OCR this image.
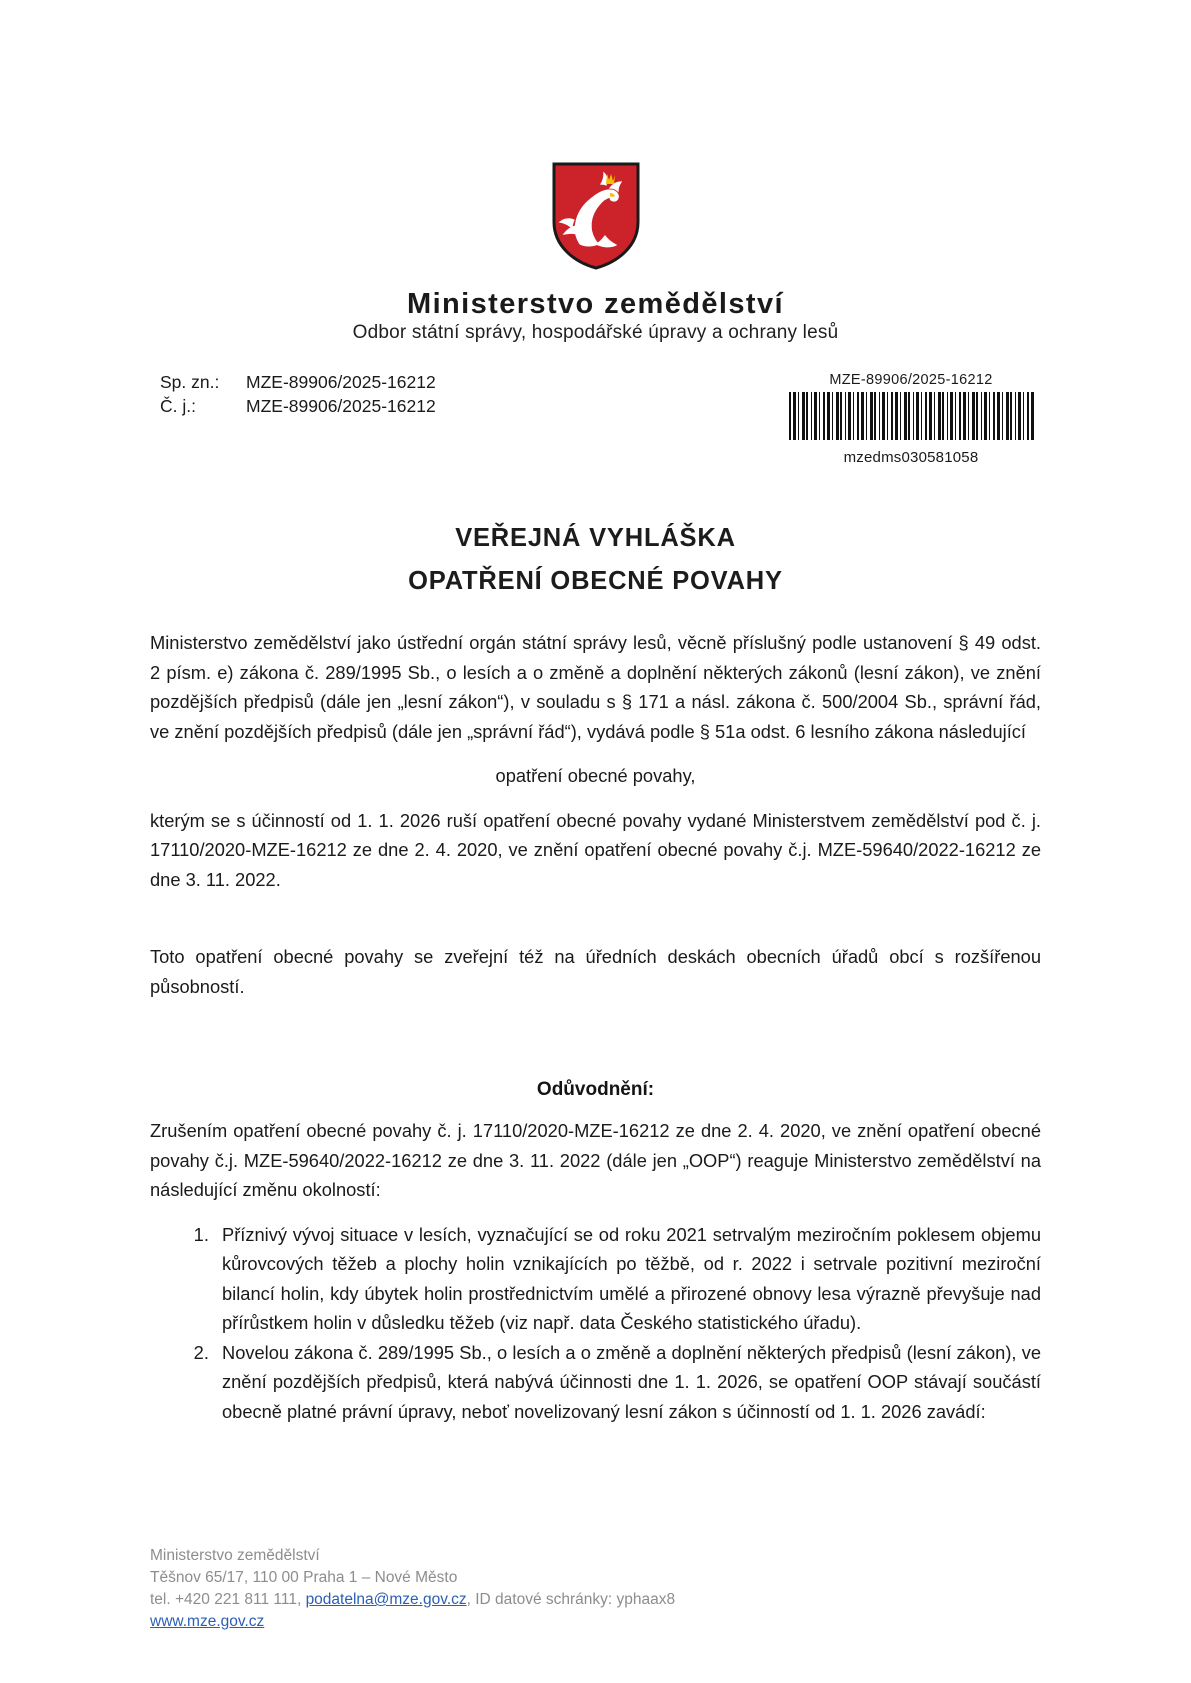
Ministerstvo zemědělství
Odbor státní správy, hospodářské úpravy a ochrany lesů
Sp. zn.:	MZE-89906/2025-16212
Č. j.:	MZE-89906/2025-16212
MZE-89906/2025-16212
mzedms030581058
VEŘEJNÁ VYHLÁŠKA
OPATŘENÍ OBECNÉ POVAHY

Ministerstvo zemědělství jako ústřední orgán státní správy lesů, věcně příslušný podle ustanovení § 49 odst. 2 písm. e) zákona č. 289/1995 Sb., o lesích a o změně a doplnění některých zákonů (lesní zákon), ve znění pozdějších předpisů (dále jen „lesní zákon“), v souladu s § 171 a násl. zákona č. 500/2004 Sb., správní řád, ve znění pozdějších předpisů (dále jen „správní řád“), vydává podle § 51a odst. 6 lesního zákona následující

opatření obecné povahy,

kterým se s účinností od 1. 1. 2026 ruší opatření obecné povahy vydané Ministerstvem zemědělství pod č. j. 17110/2020-MZE-16212 ze dne 2. 4. 2020, ve znění opatření obecné povahy č.j. MZE-59640/2022-16212 ze dne 3. 11. 2022.

Toto opatření obecné povahy se zveřejní též na úředních deskách obecních úřadů obcí s rozšířenou působností.

Odůvodnění:

Zrušením opatření obecné povahy č. j. 17110/2020-MZE-16212 ze dne 2. 4. 2020, ve znění opatření obecné povahy č.j. MZE-59640/2022-16212 ze dne 3. 11. 2022 (dále jen „OOP“) reaguje Ministerstvo zemědělství na následující změnu okolností:

1. Příznivý vývoj situace v lesích, vyznačující se od roku 2021 setrvalým meziročním poklesem objemu kůrovcových těžeb a plochy holin vznikajících po těžbě, od r. 2022 i setrvale pozitivní meziroční bilancí holin, kdy úbytek holin prostřednictvím umělé a přirozené obnovy lesa výrazně převyšuje nad přírůstkem holin v důsledku těžeb (viz např. data Českého statistického úřadu).
2. Novelou zákona č. 289/1995 Sb., o lesích a o změně a doplnění některých předpisů (lesní zákon), ve znění pozdějších předpisů, která nabývá účinnosti dne 1. 1. 2026, se opatření OOP stávají součástí obecně platné právní úpravy, neboť novelizovaný lesní zákon s účinností od 1. 1. 2026 zavádí:
Ministerstvo zemědělství
Těšnov 65/17, 110 00 Praha 1 – Nové Město
tel. +420 221 811 111, podatelna@mze.gov.cz, ID datové schránky: yphaax8
www.mze.gov.cz
